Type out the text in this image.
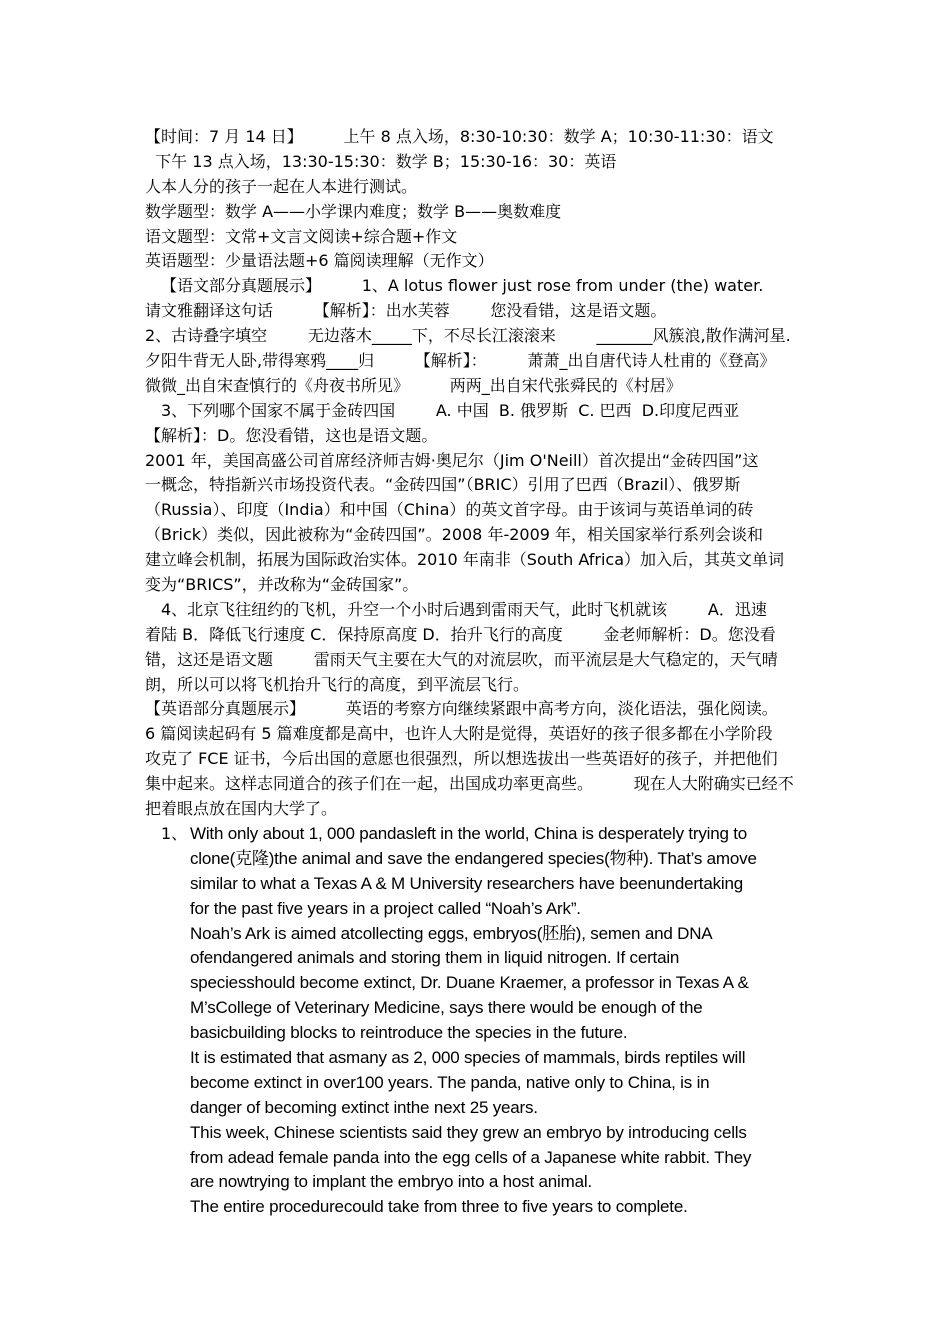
【时间：7 月 14 日】        上午 8 点入场，8:30-10:30：数学 A；10:30-11:30：语文
下午 13 点入场，13:30-15:30：数学 B；15:30-16：30：英语
人本人分的孩子一起在人本进行测试。
数学题型：数学 A——小学课内难度；数学 B——奥数难度
语文题型：文常+文言文阅读+综合题+作文
英语题型：少量语法题+6 篇阅读理解（无作文）
【语文部分真题展示】        1、A lotus flower just rose from under (the) water.
请文雅翻译这句话        【解析】：出水芙蓉        您没看错，这是语文题。
2、古诗叠字填空        无边落木_____下，不尽长江滚滚来        _______风簇浪,散作满河星.
夕阳牛背无人卧,带得寒鸦____归        【解析】：        萧萧_出自唐代诗人杜甫的《登高》
微微_出自宋查慎行的《舟夜书所见》        两两_出自宋代张舜民的《村居》
3、下列哪个国家不属于金砖四国        A. 中国  B. 俄罗斯  C. 巴西  D.印度尼西亚
【解析】：D。您没看错，这也是语文题。
2001 年，美国高盛公司首席经济师吉姆·奥尼尔（Jim O'Neill）首次提出“金砖四国”这
一概念，特指新兴市场投资代表。“金砖四国”（BRIC）引用了巴西（Brazil）、俄罗斯
（Russia）、印度（India）和中国（China）的英文首字母。由于该词与英语单词的砖
（Brick）类似，因此被称为“金砖四国”。2008 年-2009 年，相关国家举行系列会谈和
建立峰会机制，拓展为国际政治实体。2010 年南非（South Africa）加入后，其英文单词
变为“BRICS”，并改称为“金砖国家”。
4、北京飞往纽约的飞机，升空一个小时后遇到雷雨天气，此时飞机就该        A．迅速
着陆 B．降低飞行速度 C．保持原高度 D．抬升飞行的高度        金老师解析：D。您没看
错，这还是语文题        雷雨天气主要在大气的对流层吹，而平流层是大气稳定的，天气晴
朗，所以可以将飞机抬升飞行的高度，到平流层飞行。
【英语部分真题展示】        英语的考察方向继续紧跟中高考方向，淡化语法，强化阅读。
6 篇阅读起码有 5 篇难度都是高中，也许人大附是觉得，英语好的孩子很多都在小学阶段
攻克了 FCE 证书，今后出国的意愿也很强烈，所以想选拔出一些英语好的孩子，并把他们
集中起来。这样志同道合的孩子们在一起，出国成功率更高些。        现在人大附确实已经不
把着眼点放在国内大学了。
1、 With only about 1, 000 pandasleft in the world, China is desperately trying to
clone(克隆)the animal and save the endangered species(物种). That’s amove
similar to what a Texas A & M University researchers have beenundertaking
for the past five years in a project called “Noah’s Ark”.
Noah’s Ark is aimed atcollecting eggs, embryos(胚胎), semen and DNA
ofendangered animals and storing them in liquid nitrogen. If certain
speciesshould become extinct, Dr. Duane Kraemer, a professor in Texas A &
M’sCollege of Veterinary Medicine, says there would be enough of the
basicbuilding blocks to reintroduce the species in the future.
It is estimated that asmany as 2, 000 species of mammals, birds reptiles will
become extinct in over100 years. The panda, native only to China, is in
danger of becoming extinct inthe next 25 years.
This week, Chinese scientists said they grew an embryo by introducing cells
from adead female panda into the egg cells of a Japanese white rabbit. They
are nowtrying to implant the embryo into a host animal.
The entire procedurecould take from three to five years to complete.
